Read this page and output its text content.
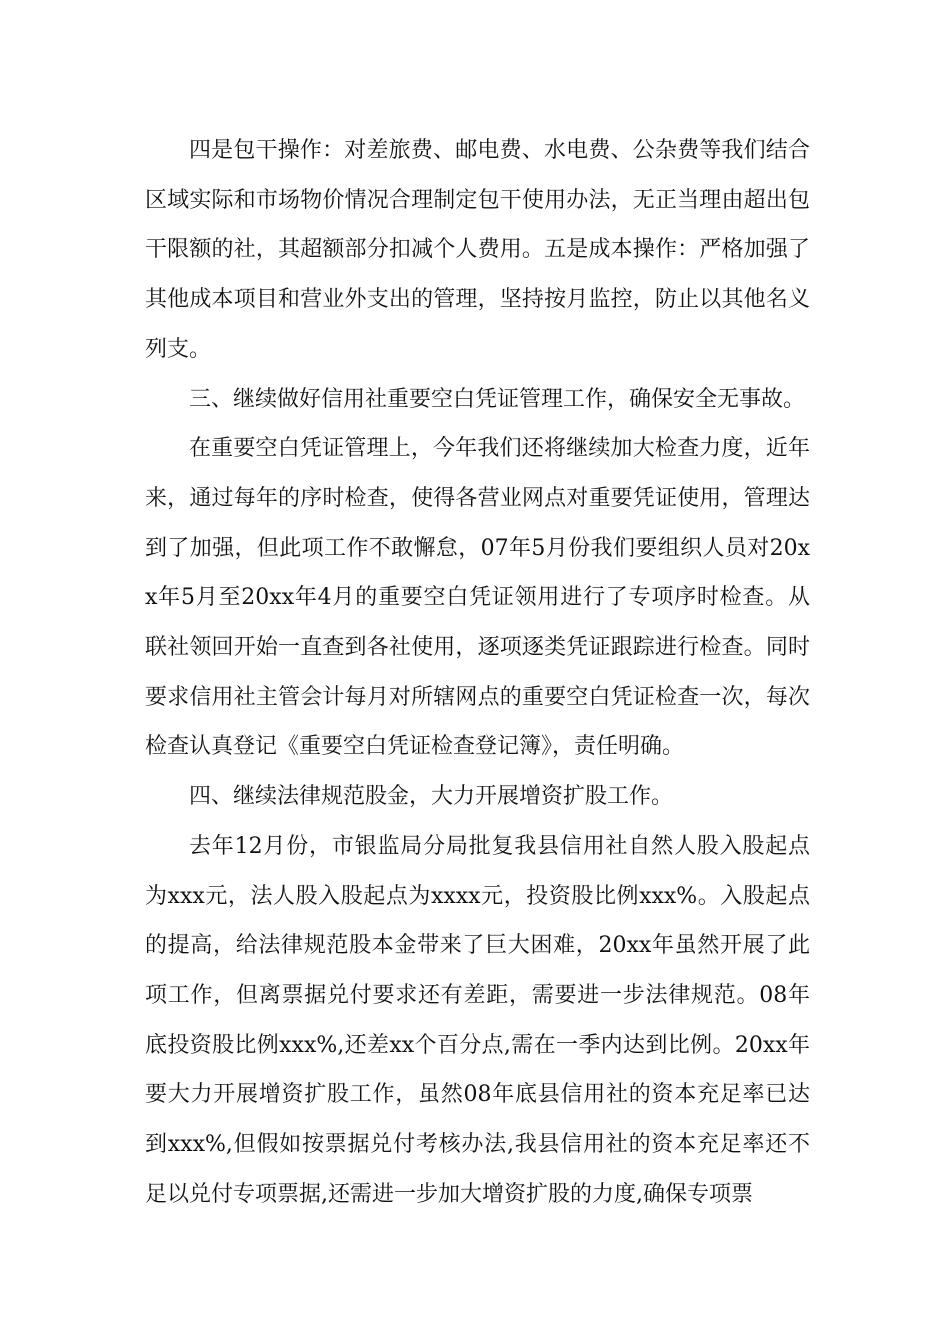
四是包干操作：对差旅费、邮电费、水电费、公杂费等我们结合区域实际和市场物价情况合理制定包干使用办法，无正当理由超出包干限额的社，其超额部分扣减个人费用。五是成本操作：严格加强了其他成本项目和营业外支出的管理，坚持按月监控，防止以其他名义列支。

三、继续做好信用社重要空白凭证管理工作，确保安全无事故。

在重要空白凭证管理上，今年我们还将继续加大检查力度，近年来，通过每年的序时检查，使得各营业网点对重要凭证使用，管理达到了加强，但此项工作不敢懈怠，07年5月份我们要组织人员对20xx年5月至20xx年4月的重要空白凭证领用进行了专项序时检查。从联社领回开始一直查到各社使用，逐项逐类凭证跟踪进行检查。同时要求信用社主管会计每月对所辖网点的重要空白凭证检查一次，每次检查认真登记《重要空白凭证检查登记簿》，责任明确。

四、继续法律规范股金，大力开展增资扩股工作。

去年12月份，市银监局分局批复我县信用社自然人股入股起点为xxx元，法人股入股起点为xxxx元，投资股比例xxx%。入股起点的提高，给法律规范股本金带来了巨大困难，20xx年虽然开展了此项工作，但离票据兑付要求还有差距，需要进一步法律规范。08年底投资股比例xxx%,还差xx个百分点,需在一季内达到比例。20xx年要大力开展增资扩股工作，虽然08年底县信用社的资本充足率已达到xxx%,但假如按票据兑付考核办法,我县信用社的资本充足率还不足以兑付专项票据,还需进一步加大增资扩股的力度,确保专项票
